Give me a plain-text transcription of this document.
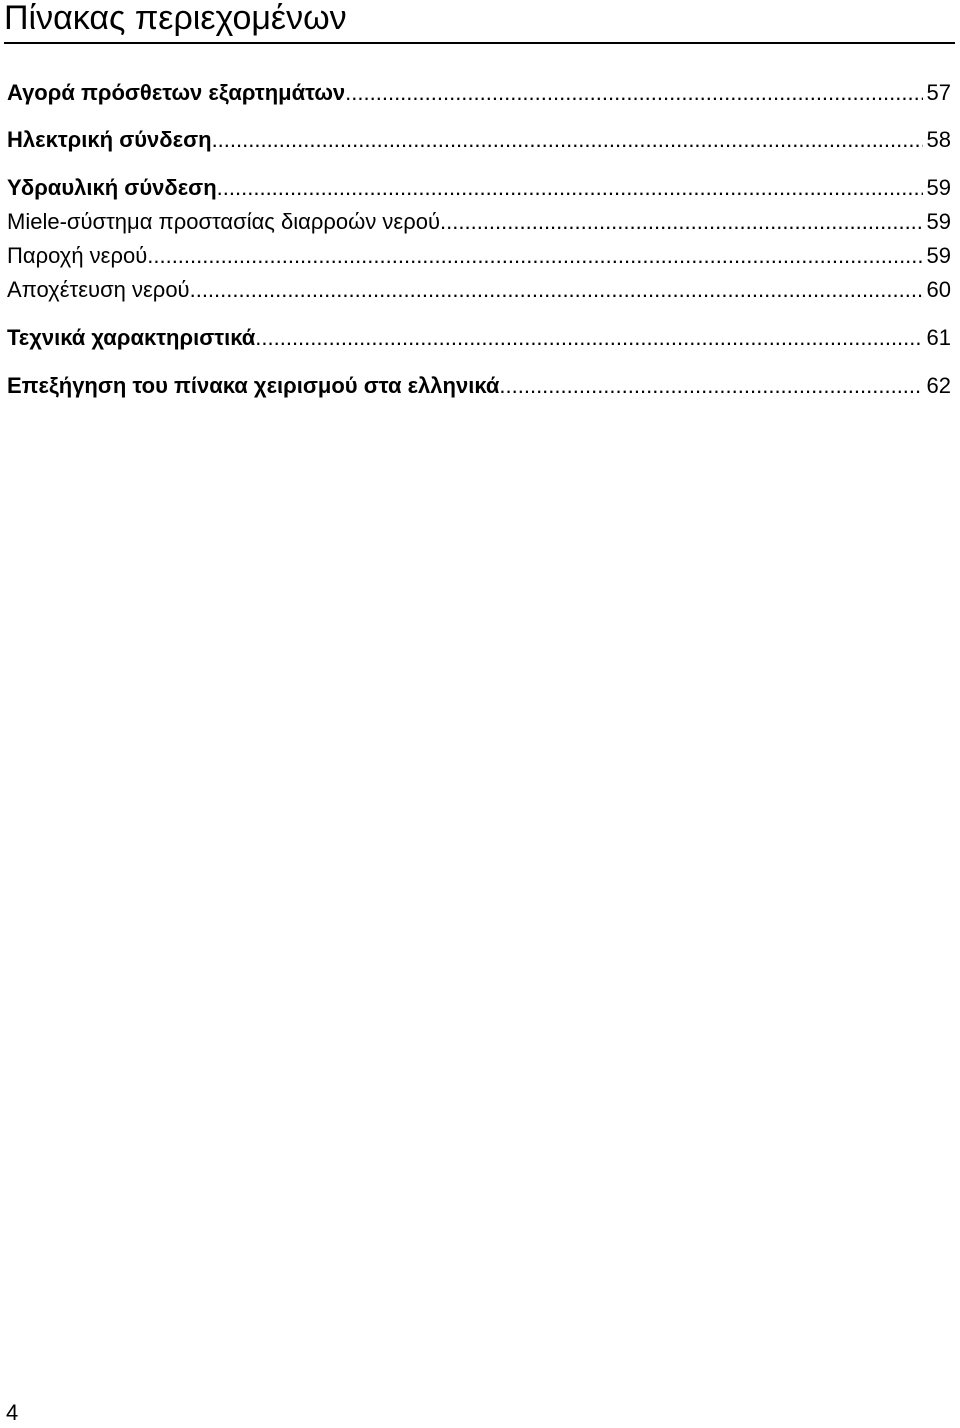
Πίνακας περιεχομένων
Αγορά πρόσθετων εξαρτημάτων .....	57
Ηλεκτρική σύνδεση .....	58
Υδραυλική σύνδεση .....	59
Miele-σύστημα προστασίας διαρροών νερού .....	59
Παροχή νερού .....	59
Αποχέτευση νερού .....	60
Τεχνικά χαρακτηριστικά .....	61
Επεξήγηση του πίνακα χειρισμού στα ελληνικά .....	62
4
